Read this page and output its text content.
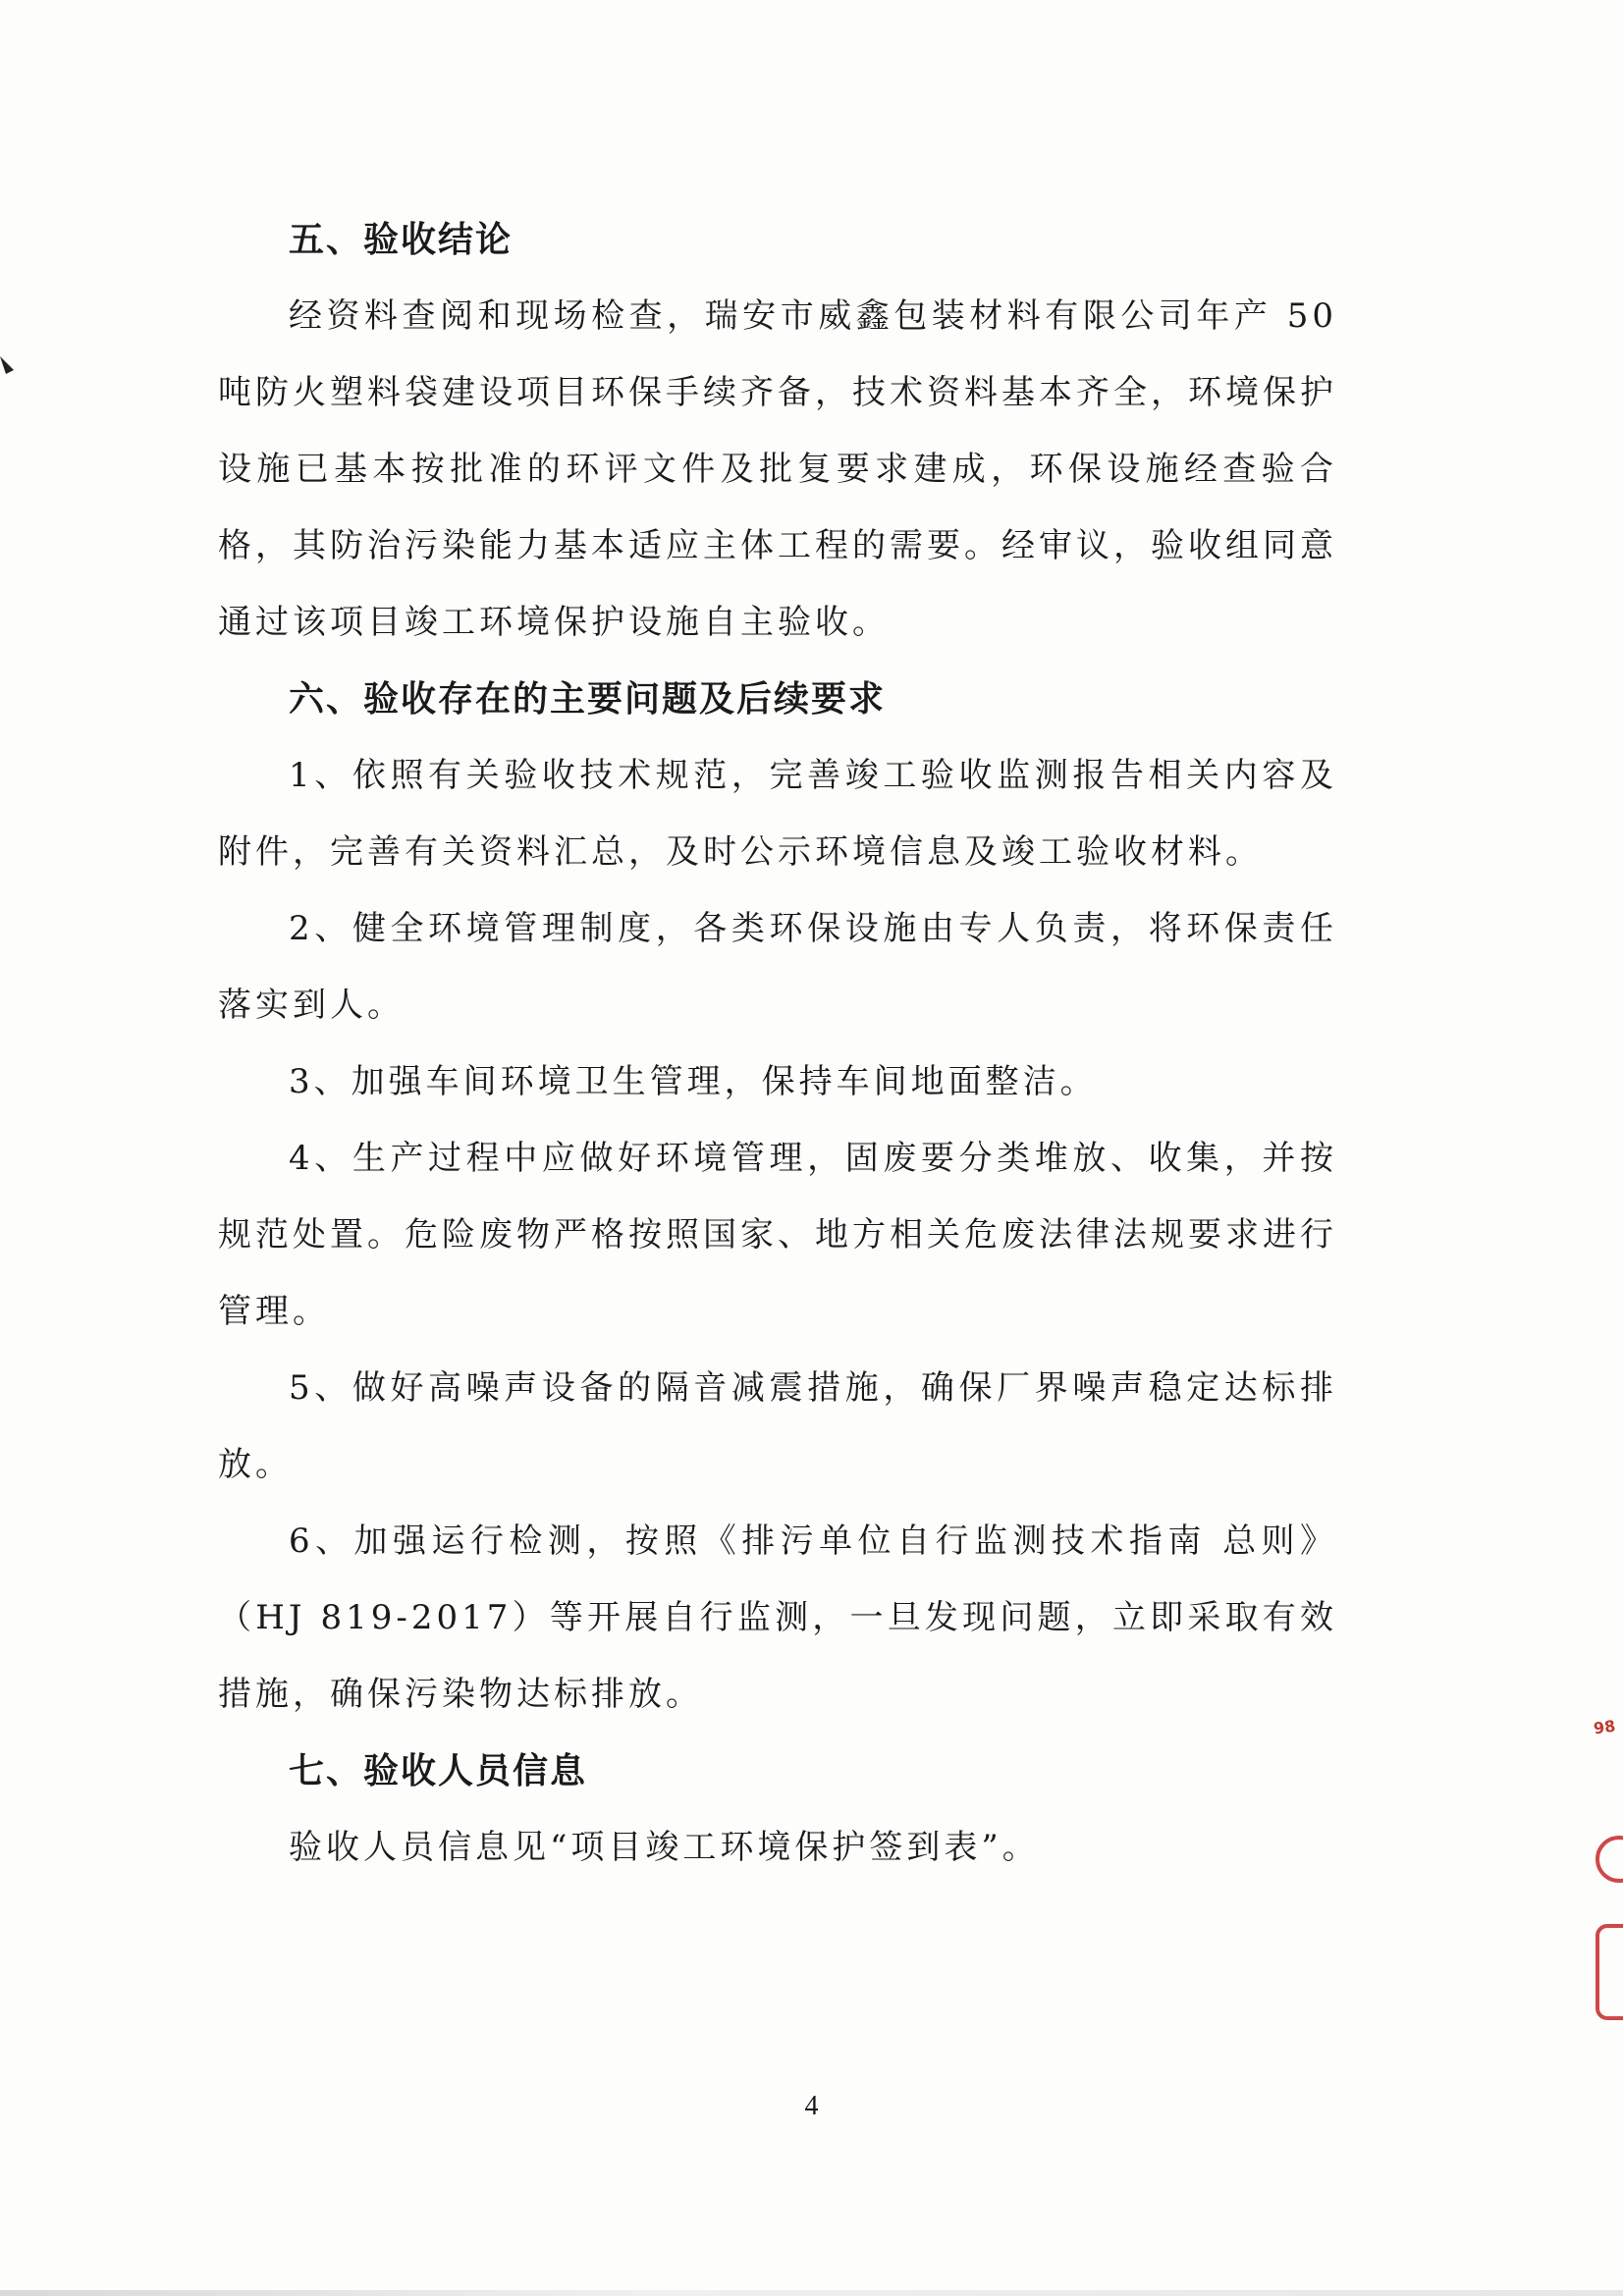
五、验收结论

经资料查阅和现场检查，瑞安市威鑫包装材料有限公司年产 50 吨防火塑料袋建设项目环保手续齐备，技术资料基本齐全，环境保护设施已基本按批准的环评文件及批复要求建成，环保设施经查验合格，其防治污染能力基本适应主体工程的需要。经审议，验收组同意通过该项目竣工环境保护设施自主验收。

六、验收存在的主要问题及后续要求

1、依照有关验收技术规范，完善竣工验收监测报告相关内容及附件，完善有关资料汇总，及时公示环境信息及竣工验收材料。

2、健全环境管理制度，各类环保设施由专人负责，将环保责任落实到人。

3、加强车间环境卫生管理，保持车间地面整洁。

4、生产过程中应做好环境管理，固废要分类堆放、收集，并按规范处置。危险废物严格按照国家、地方相关危废法律法规要求进行管理。

5、做好高噪声设备的隔音减震措施，确保厂界噪声稳定达标排放。

6、加强运行检测，按照《排污单位自行监测技术指南 总则》（HJ 819-2017）等开展自行监测，一旦发现问题，立即采取有效措施，确保污染物达标排放。

七、验收人员信息

验收人员信息见“项目竣工环境保护签到表”。

4
98
